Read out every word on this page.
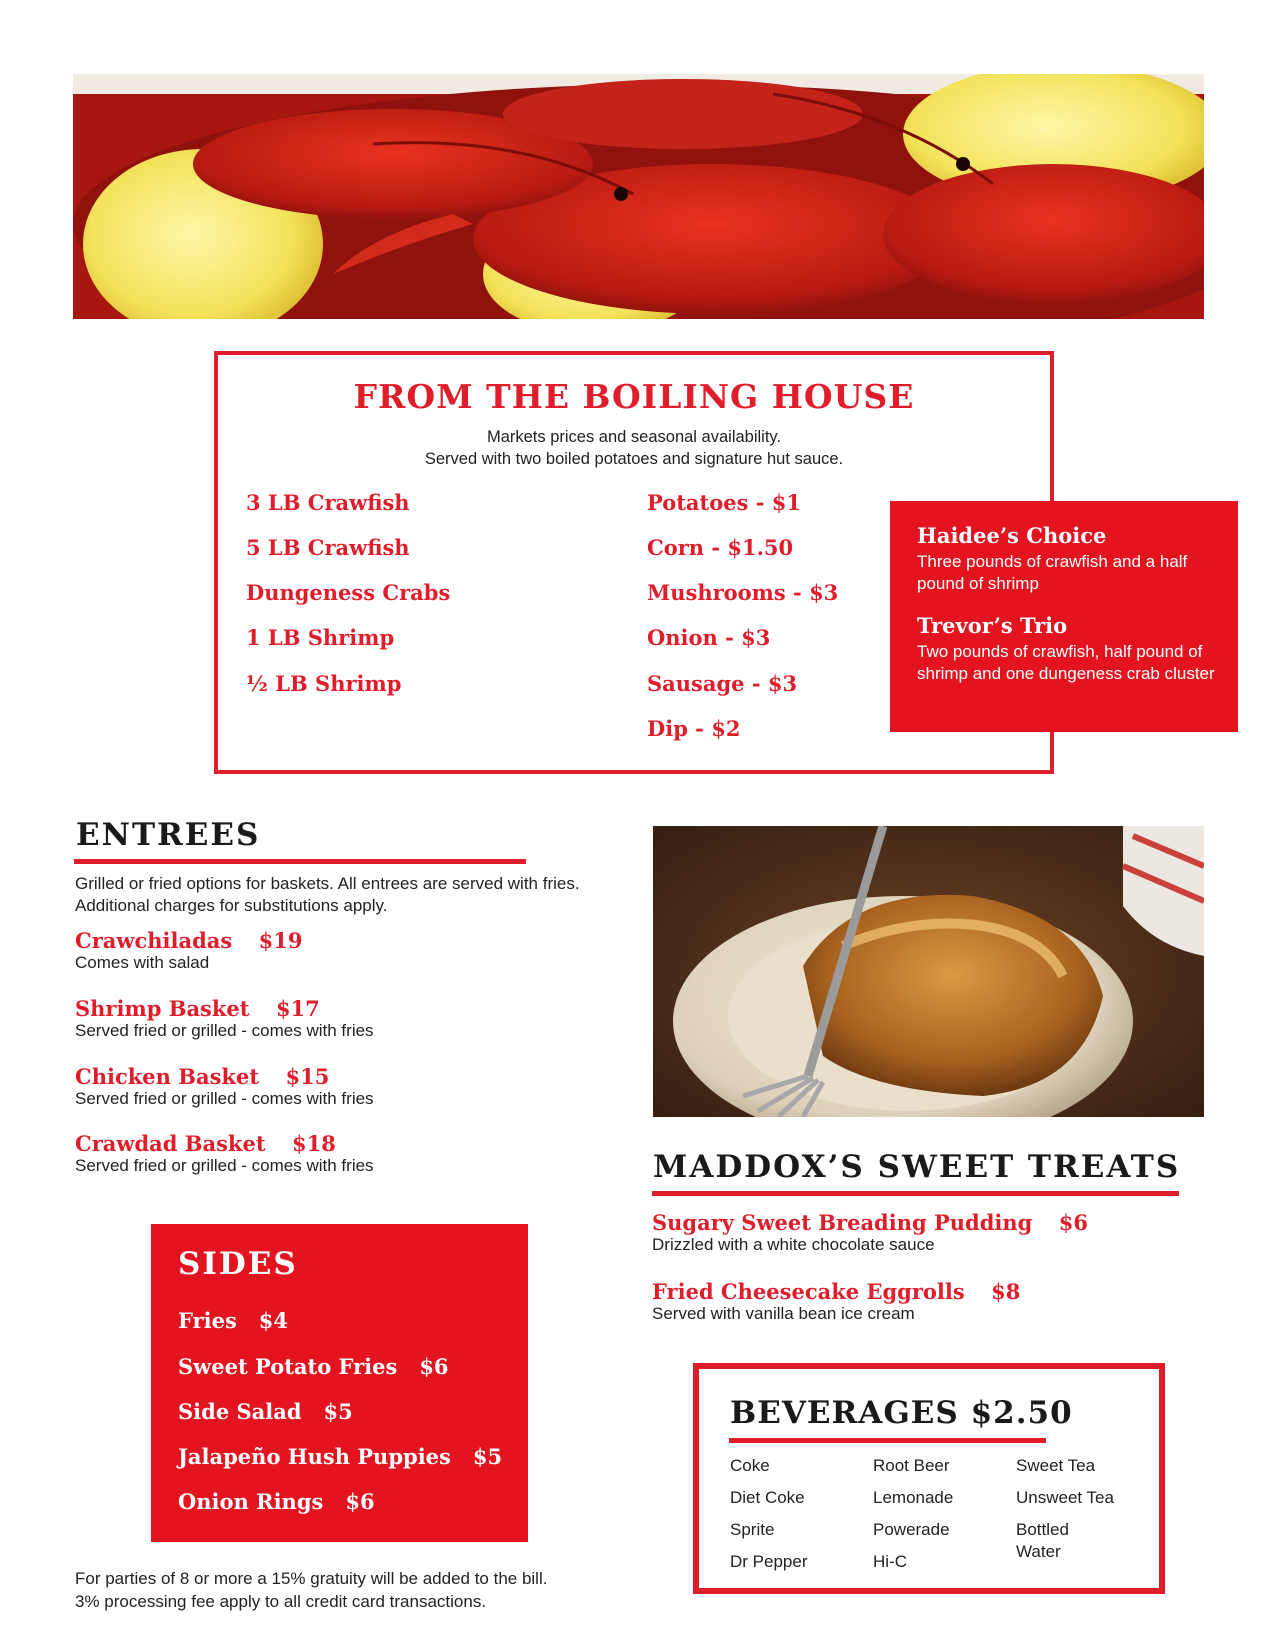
FROM THE BOILING HOUSE
Markets prices and seasonal availability.
Served with two boiled potatoes and signature hut sauce.
3 LB Crawfish
5 LB Crawfish
Dungeness Crabs
1 LB Shrimp
½ LB Shrimp
Potatoes - $1
Corn - $1.50
Mushrooms - $3
Onion - $3
Sausage - $3
Dip - $2
Haidee’s Choice
Three pounds of crawfish and a half pound of shrimp
Trevor’s Trio
Two pounds of crawfish, half pound of shrimp and one dungeness crab cluster
ENTREES
Grilled or fried options for baskets. All entrees are served with fries. Additional charges for substitutions apply.
Crawchiladas $19
Comes with salad
Shrimp Basket $17
Served fried or grilled - comes with fries
Chicken Basket $15
Served fried or grilled - comes with fries
Crawdad Basket $18
Served fried or grilled - comes with fries
SIDES
Fries $4
Sweet Potato Fries $6
Side Salad $5
Jalapeño Hush Puppies $5
Onion Rings $6
For parties of 8 or more a 15% gratuity will be added to the bill.
3% processing fee apply to all credit card transactions.
MADDOX’S SWEET TREATS
Sugary Sweet Breading Pudding $6
Drizzled with a white chocolate sauce
Fried Cheesecake Eggrolls $8
Served with vanilla bean ice cream
BEVERAGES $2.50
Coke
Diet Coke
Sprite
Dr Pepper
Root Beer
Lemonade
Powerade
Hi-C
Sweet Tea
Unsweet Tea
Bottled Water
